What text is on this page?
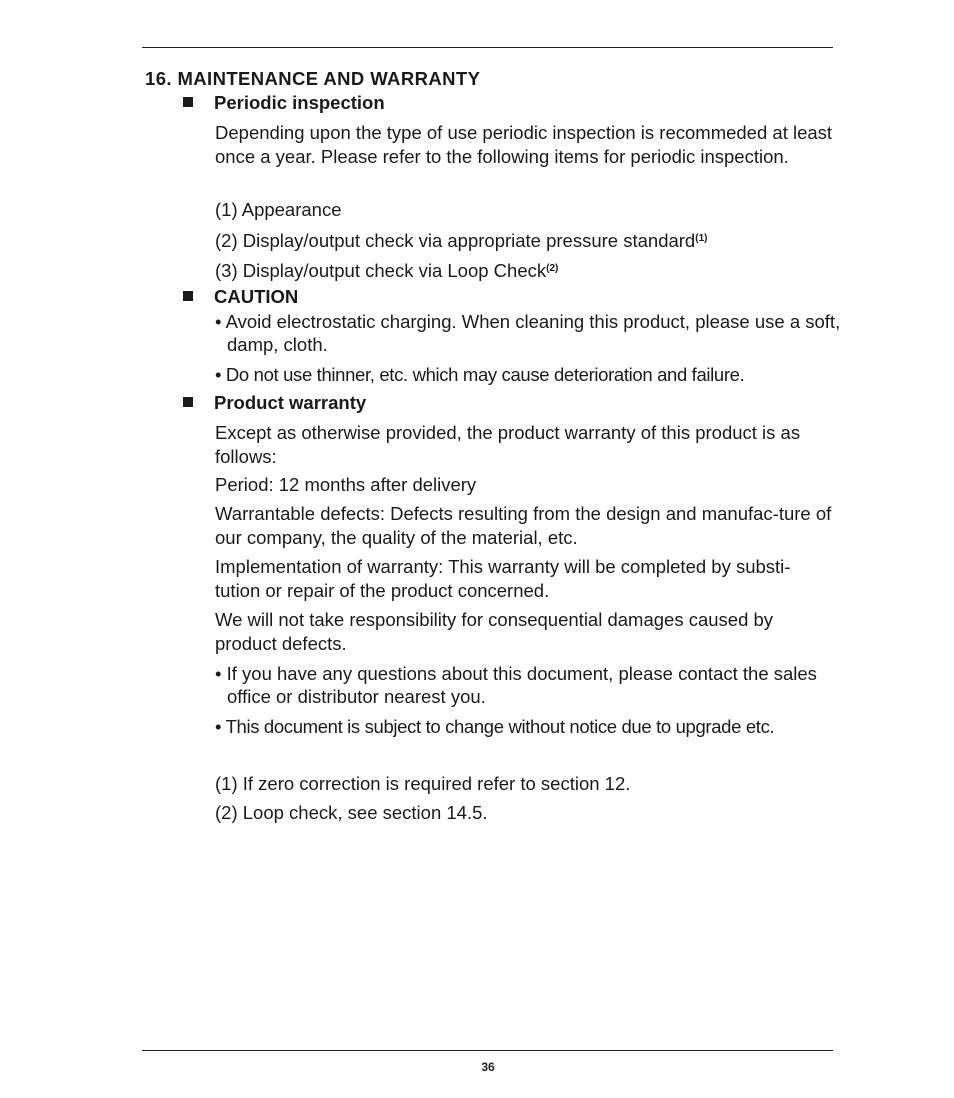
16. MAINTENANCE AND WARRANTY
Periodic inspection

Depending upon the type of use periodic inspection is recommeded at least once a year. Please refer to the following items for periodic inspection.

(1) Appearance

(2) Display/output check via appropriate pressure standard$^{(1)}$

(3) Display/output check via Loop Check$^{(2)}$

CAUTION

• Avoid electrostatic charging. When cleaning this product, please use a soft, damp, cloth.

• Do not use thinner, etc. which may cause deterioration and failure.

Product warranty

Except as otherwise provided, the product warranty of this product is as follows:

Period: 12 months after delivery

Warrantable defects: Defects resulting from the design and manufac-ture of our company, the quality of the material, etc.

Implementation of warranty: This warranty will be completed by substi-tution or repair of the product concerned.

We will not take responsibility for consequential damages caused by product defects.

• If you have any questions about this document, please contact the sales office or distributor nearest you.

• This document is subject to change without notice due to upgrade etc.

(1) If zero correction is required refer to section 12.

(2) Loop check, see section 14.5.

36
